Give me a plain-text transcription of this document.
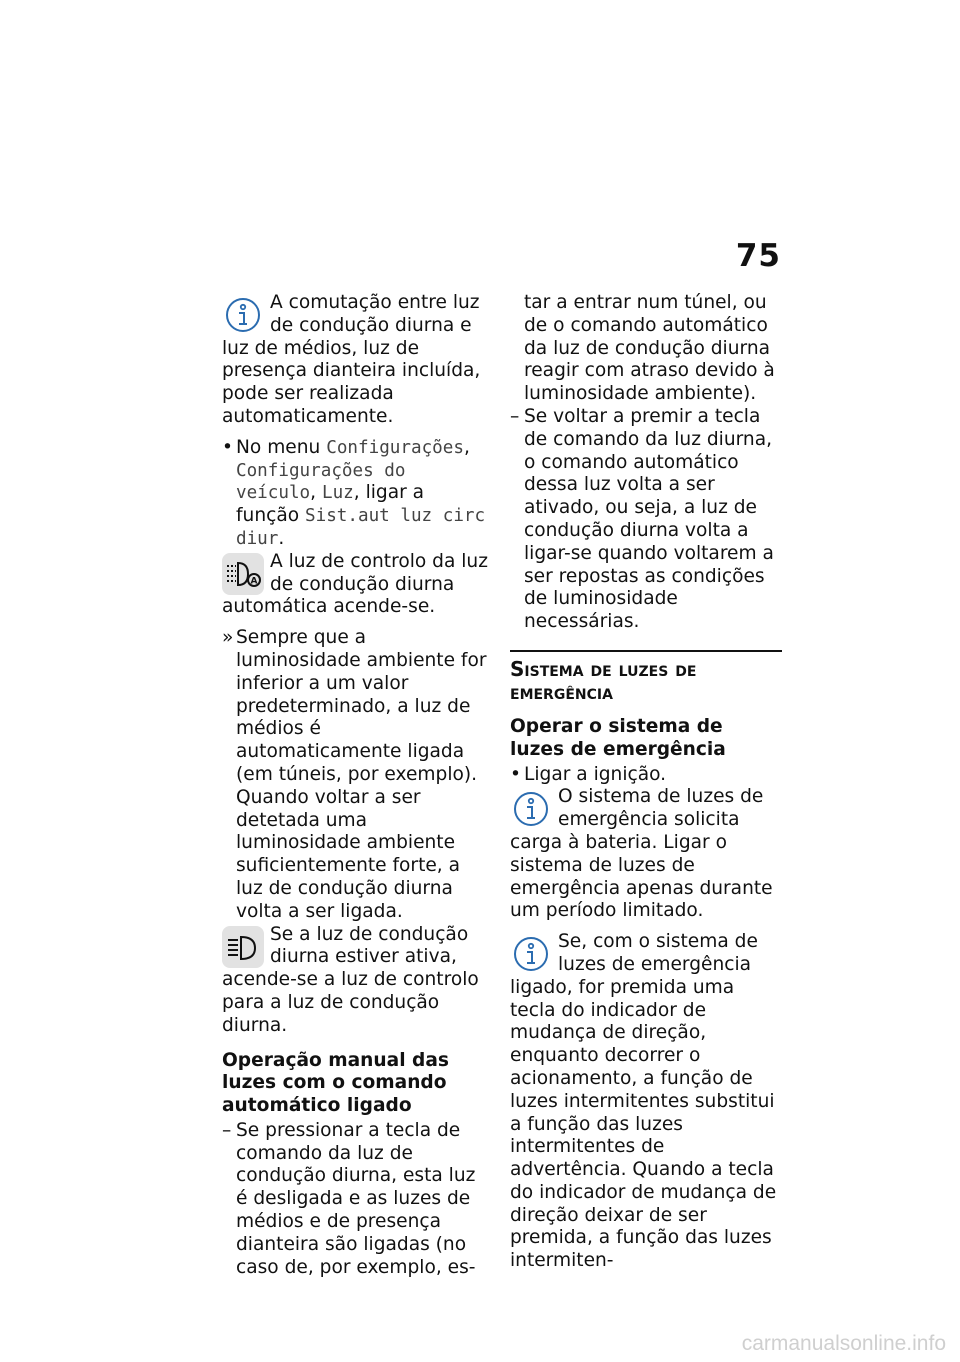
75

A comutação entre luz de condução diurna e luz de médios, luz de presença dianteira incluída, pode ser realizada automaticamente.

• No menu Configurações, Configurações do veículo, Luz, ligar a função Sist.aut luz circ diur.

A

A luz de controlo da luz de condução diurna automática acende-se.

» Sempre que a luminosidade ambiente for inferior a um valor predeterminado, a luz de médios é automaticamente ligada (em túneis, por exemplo). Quando voltar a ser detetada uma luminosidade ambiente suficientemente forte, a luz de condução diurna volta a ser ligada.

Se a luz de condução diurna estiver ativa, acende-se a luz de controlo para a luz de condução diurna.

Operação manual das luzes com o comando automático ligado

– Se pressionar a tecla de comando da luz de condução diurna, esta luz é desligada e as luzes de médios e de presença dianteira são ligadas (no caso de, por exemplo, es-

tar a entrar num túnel, ou de o comando automático da luz de condução diurna reagir com atraso devido à luminosidade ambiente).

– Se voltar a premir a tecla de comando da luz diurna, o comando automático dessa luz volta a ser ativado, ou seja, a luz de condução diurna volta a ligar-se quando voltarem a ser repostas as condições de luminosidade necessárias.

Sistema de luzes de emergência

Operar o sistema de luzes de emergência

• Ligar a ignição.

O sistema de luzes de emergência solicita carga à bateria. Ligar o sistema de luzes de emergência apenas durante um período limitado.

Se, com o sistema de luzes de emergência ligado, for premida uma tecla do indicador de mudança de direção, enquanto decorrer o acionamento, a função de luzes intermitentes substitui a função das luzes intermitentes de advertência. Quando a tecla do indicador de mudança de direção deixar de ser premida, a função das luzes intermiten-

carmanualsonline.info
